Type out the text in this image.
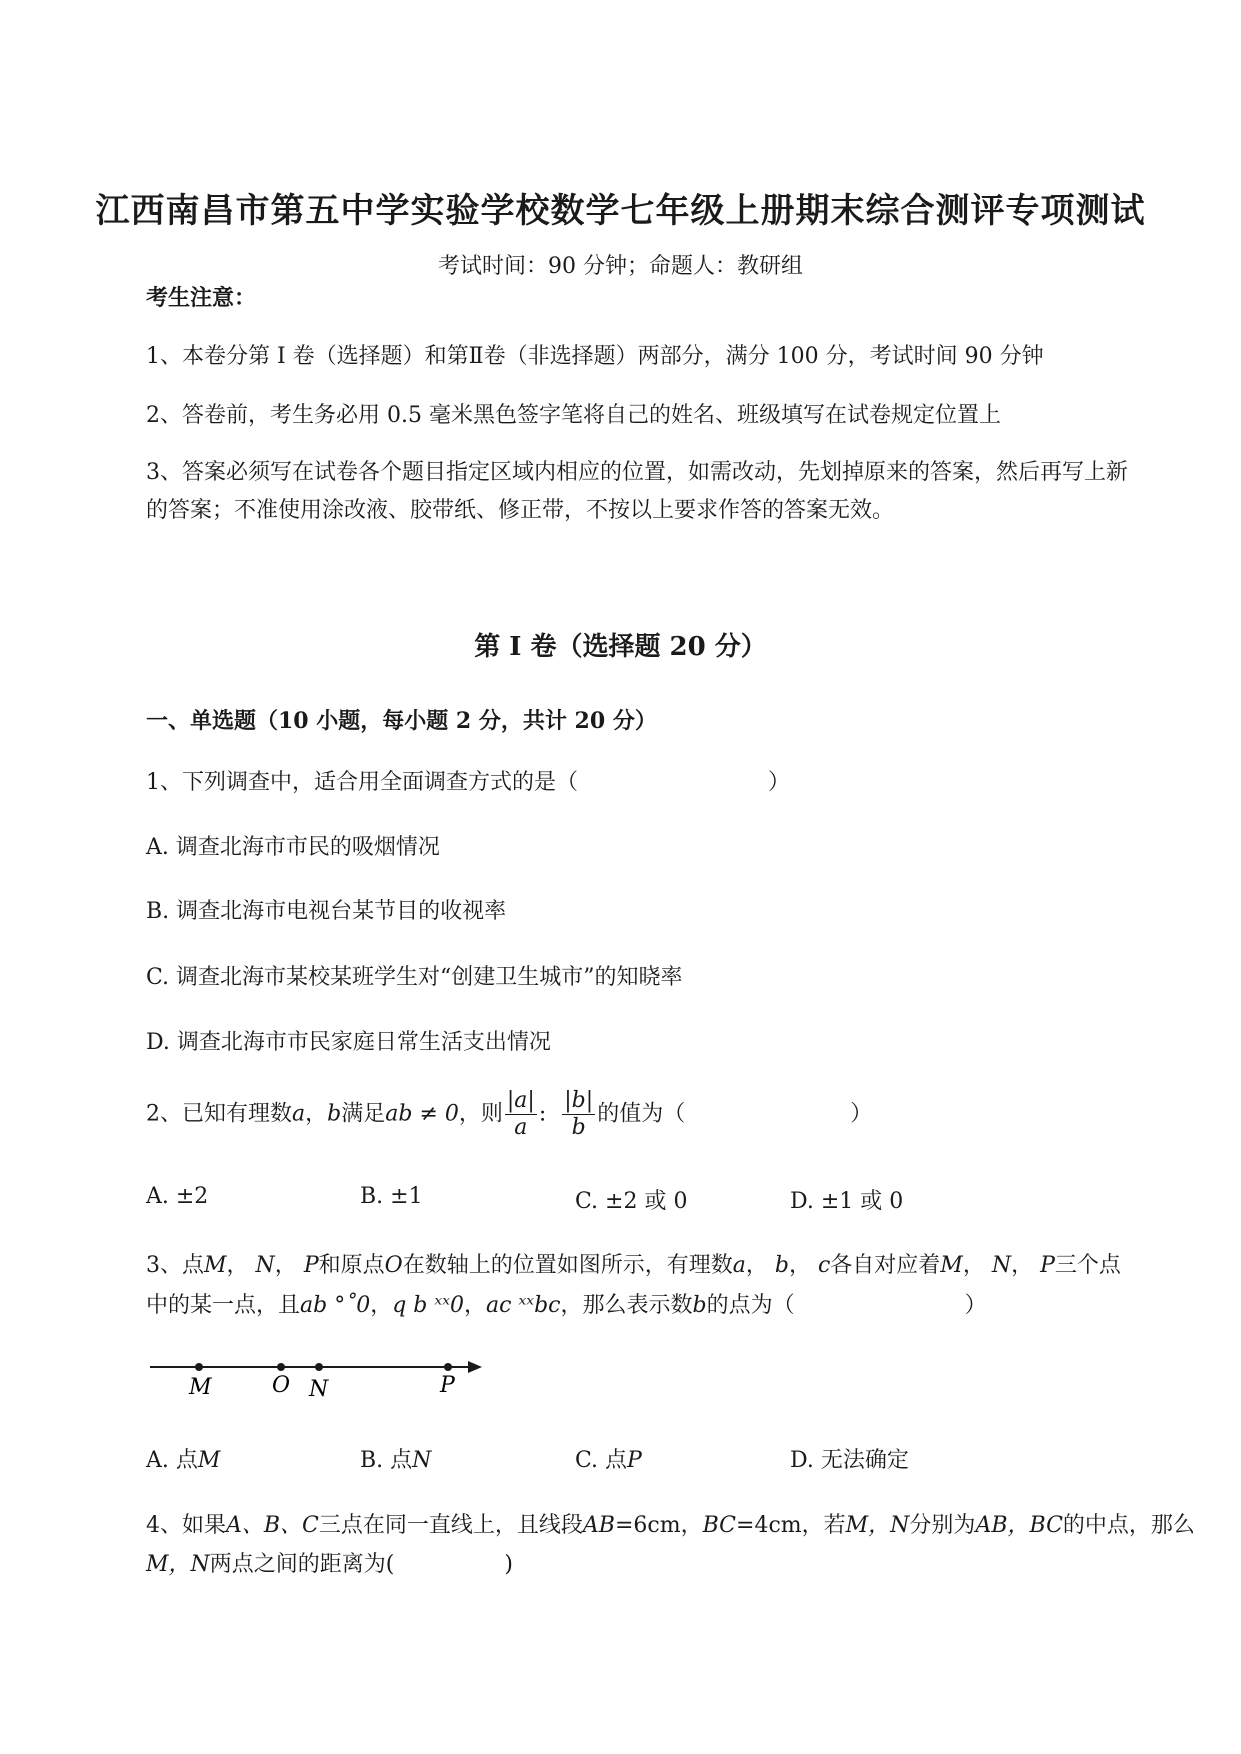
江西南昌市第五中学实验学校数学七年级上册期末综合测评专项测试
考试时间：90 分钟；命题人：教研组
考生注意：
1、本卷分第 I 卷（选择题）和第Ⅱ卷（非选择题）两部分，满分 100 分，考试时间 90 分钟
2、答卷前，考生务必用 0.5 毫米黑色签字笔将自己的姓名、班级填写在试卷规定位置上
3、答案必须写在试卷各个题目指定区域内相应的位置，如需改动，先划掉原来的答案，然后再写上新
的答案；不准使用涂改液、胶带纸、修正带，不按以上要求作答的答案无效。
第 I 卷（选择题 20 分）
一、单选题（10 小题，每小题 2 分，共计 20 分）
1、下列调查中，适合用全面调查方式的是（	）
A. 调查北海市市民的吸烟情况
B. 调查北海市电视台某节目的收视率
C. 调查北海市某校某班学生对“创建卫生城市”的知晓率
D. 调查北海市市民家庭日常生活支出情况
2、已知有理数a，b满足ab ≠ 0，则 $\frac{|a|}{a}$ : $\frac{|b|}{b}$ 的值为（	）
A. ±2	B. ±1	C. ±2 或 0	D. ±1 或 0
3、点M， N， P和原点O在数轴上的位置如图所示，有理数a， b， c各自对应着M， N， P三个点
中的某一点，且ab °˚0，q b ˣˣ0，ac ˣˣbc，那么表示数b的点为（	）
M	O N	P
A. 点M	B. 点N	C. 点P	D. 无法确定
4、如果A、B、C三点在同一直线上，且线段AB=6cm，BC=4cm，若M，N分别为AB，BC的中点，那么
M，N两点之间的距离为(	)
